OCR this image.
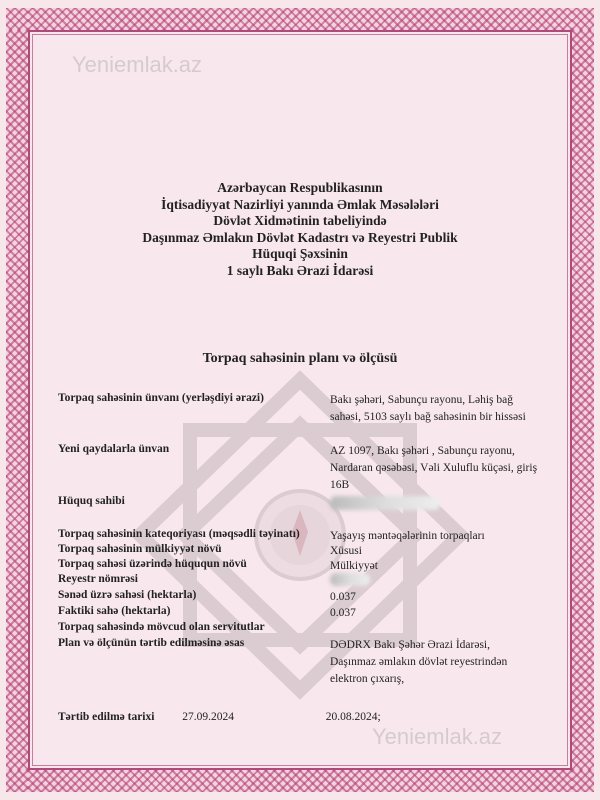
Yeniemlak.az
Yeniemlak.az
Azərbaycan Respublikasının
İqtisadiyyat Nazirliyi yanında Əmlak Məsələləri
Dövlət Xidmətinin tabeliyində
Daşınmaz Əmlakın Dövlət Kadastrı və Reyestri Publik
Hüquqi Şəxsinin
1 saylı Bakı Ərazi İdarəsi
Torpaq sahəsinin planı və ölçüsü
Torpaq sahəsinin ünvanı (yerləşdiyi ərazi)	Bakı şəhəri, Sabunçu rayonu, Ləhiş bağ sahəsi, 5103 saylı bağ sahəsinin bir hissəsi
Yeni qaydalarla ünvan	AZ 1097, Bakı şəhəri , Sabunçu rayonu, Nardaran qəsəbəsi, Vəli Xuluflu küçəsi, giriş 16B
Hüquq sahibi
Torpaq sahəsinin kateqoriyası (məqsədli təyinatı)	Yaşayış məntəqələrinin torpaqları
Torpaq sahəsinin mülkiyyət növü	Xüsusi
Torpaq sahəsi üzərində hüququn növü	Mülkiyyət
Reyestr nömrəsi
Sənəd üzrə sahəsi (hektarla)	0.037
Faktiki sahə (hektarla)	0.037
Torpaq sahəsində mövcud olan servitutlar
Plan və ölçünün tərtib edilməsinə əsas	DƏDRX Bakı Şəhər Ərazi İdarəsi, Daşınmaz əmlakın dövlət reyestrindən elektron çıxarış,
Tərtib edilmə tarixi 27.09.2024	20.08.2024;
